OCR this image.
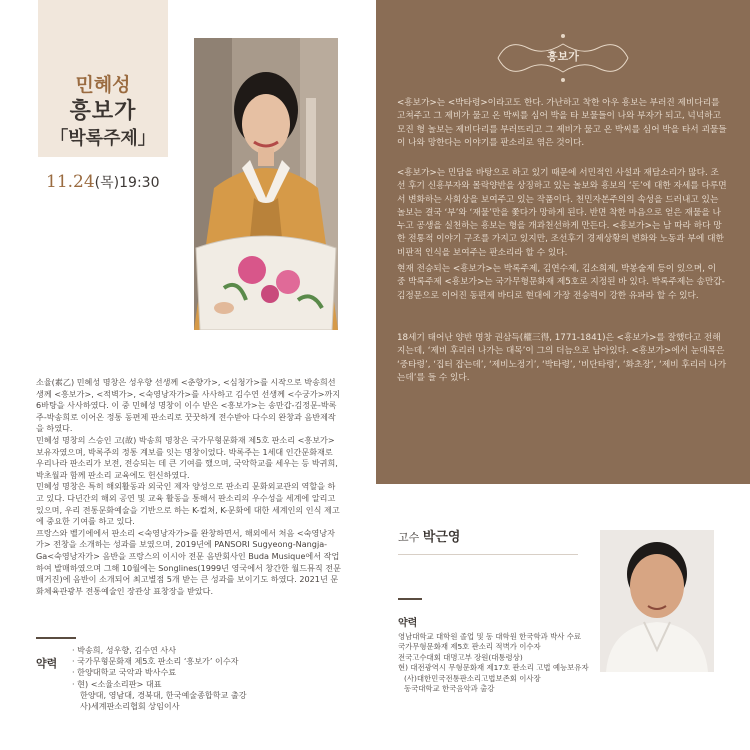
민혜성
흥보가
「박록주제」
11.24(목)19:30
흥보가

<흥보가>는 <박타령>이라고도 한다. 가난하고 착한 아우 흥보는 부러진 제비다리를 고쳐주고 그 제비가 물고 온 박씨를 심어 박을 타 보물들이 나와 부자가 되고, 넉넉하고 모진 형 놀보는 제비다리를 부러뜨리고 그 제비가 물고 온 박씨를 심어 박을 타서 괴물들이 나와 망한다는 이야기를 판소리로 엮은 것이다.

<흥보가>는 민담을 바탕으로 하고 있기 때문에 서민적인 사설과 재담소리가 많다. 조선 후기 신흥부자와 몰락양반을 상징하고 있는 놀보와 흥보의 ‘돈’에 대한 자세를 다루면서 변화하는 사회상을 보여주고 있는 작품이다. 천민자본주의의 속성을 드러내고 있는 놀보는 결국 ‘부’와 ‘재물’만을 쫓다가 망하게 된다. 반면 착한 마음으로 얻은 재물을 나누고 공생을 실천하는 흥보는 형을 개과천선하게 만든다. <흥보가>는 남 따라 하다 망한 전통적 이야기 구조를 가지고 있지만, 조선후기 경제상황의 변화와 노동과 부에 대한 비판적 인식을 보여주는 판소리라 할 수 있다.

현재 전승되는 <흥보가>는 박록주제, 김연수제, 김소희제, 박봉술제 등이 있으며, 이 중 박록주제 <흥보가>는 국가무형문화재 제5호로 지정된 바 있다. 박록주제는 송만갑-김정문으로 이어진 동편제 바디로 현대에 가장 전승력이 강한 유파라 할 수 있다.

18세기 태어난 양반 명창 권삼득(權三得, 1771-1841)은 <흥보가>를 잘했다고 전해지는데, ‘제비 후리러 나가는 대목’이 그의 더늠으로 남아있다. <흥보가>에서 눈대목은 ‘중타령’, ‘집터 잡는데’, ‘제비노정기’, ‘박타령’, ‘비단타령’, ‘화초장’, ‘제비 후리러 나가는데’를 들 수 있다.

소율(素乙) 민혜성 명창은 성우향 선생께 <춘향가>, <심청가>를 시작으로 박송희선생께 <흥보가>, <적벽가>, <숙영낭자가>를 사사하고 김수연 선생께 <수궁가>까지 6바탕을 사사하였다. 이 중 민혜성 명창이 이수 받은 <흥보가>는 송만갑-김정문-박록주-박송희로 이어온 정통 동편제 판소리로 꿋꿋하게 전수받아 다수의 완창과 음반제작을 하였다.

민혜성 명창의 스승인 고(故) 박송희 명창은 국가무형문화재 제5호 판소리 <흥보가> 보유자였으며, 박록주의 정통 계보를 잇는 명창이었다. 박록주는 1세대 인간문화재로 우리나라 판소리가 보전, 전승되는 데 큰 기여를 했으며, 국악학교를 세우는 등 박귀희, 박초월과 함께 판소리 교육에도 헌신하였다.

민혜성 명창은 특히 해외활동과 외국인 제자 양성으로 판소리 문화외교관의 역할을 하고 있다. 다년간의 해외 공연 및 교육 활동을 통해서 판소리의 우수성을 세계에 알리고 있으며, 우리 전통문화예술을 기반으로 하는 K-컬쳐, K-문화에 대한 세계인의 인식 제고에 중요한 기여를 하고 있다.

프랑스와 벨기에에서 판소리 <숙영낭자가>를 완창하면서, 해외에서 처음 <숙영낭자가> 전창을 소개하는 성과를 보였으며, 2019년에 PANSORI Sugyeong-Nangja-Ga<숙영낭자가> 음반을 프랑스의 이시아 전문 음반회사인 Buda Musique에서 작업하여 발매하였으며 그해 10월에는 Songlines(1999년 영국에서 창간한 월드뮤직 전문 매거진)에 음반이 소개되어 최고별점 5개 받는 큰 성과를 보이기도 하였다. 2021년 문화체육관광부 전통예술인 장관상 표창장을 받았다.

약력
· 박송희, 성우향, 김수연 사사
· 국가무형문화재 제5호 판소리 ‘흥보가’ 이수자
· 한양대학교 국악과 박사수료
· 현) <소율소리판> 대표
한양대, 영남대, 경북대, 한국예술종합학교 출강
사)세계판소리협회 상임이사
고수 박근영
약력
영남대학교 대학원 졸업 및 동 대학원 한국학과 박사 수료
국가무형문화재 제5호 판소리 적벽가 이수자
전국고수대회 대명고부 장원(대통령상)
현) 대전광역시 무형문화재 제17호 판소리 고법 예능보유자
(사)대한민국전통판소리고법보존회 이사장
동국대학교 한국음악과 출강
